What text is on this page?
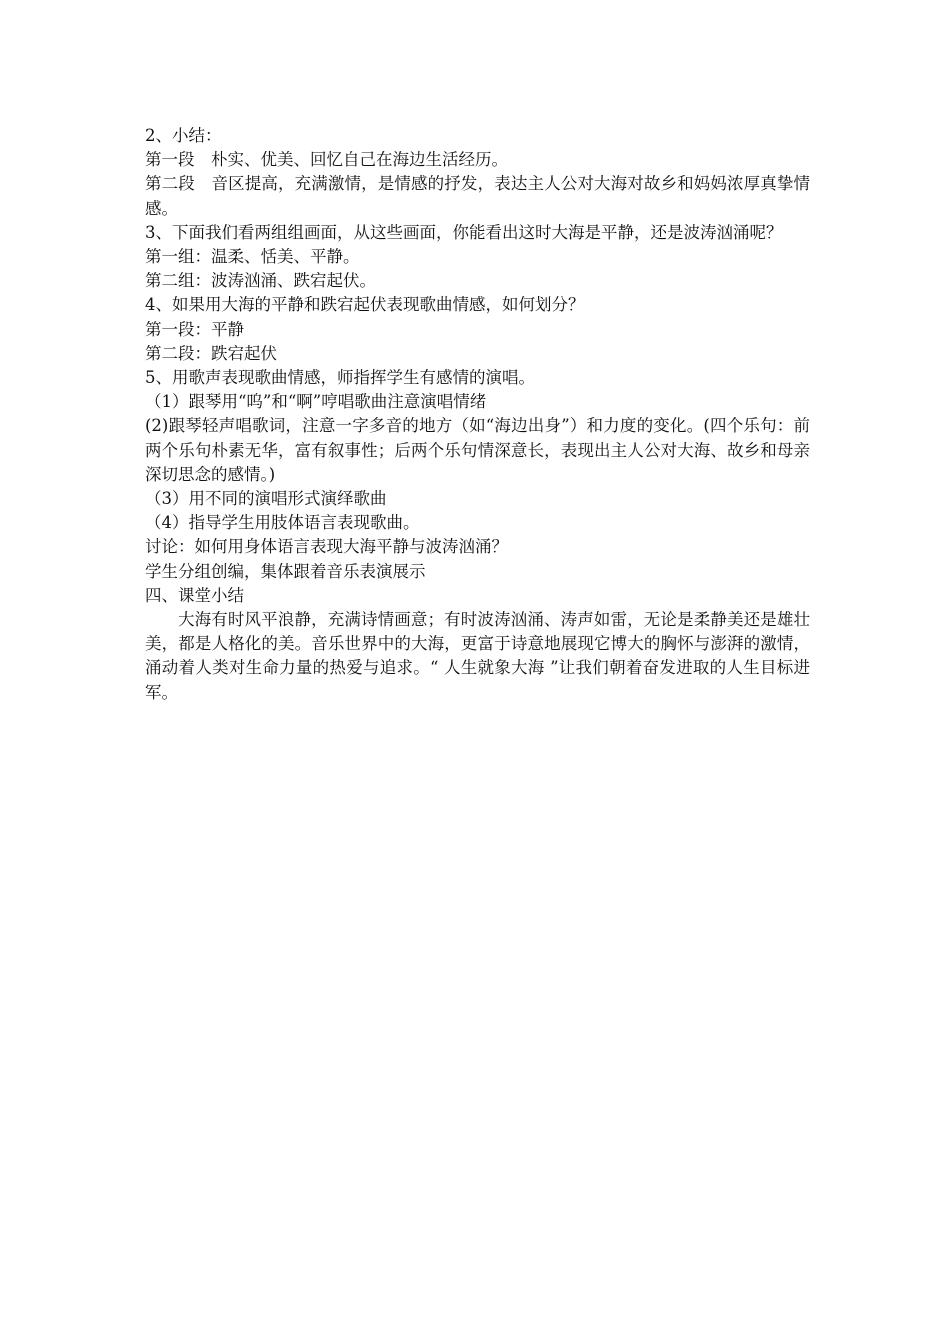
2、小结：

第一段　朴实、优美、回忆自己在海边生活经历。

第二段　音区提高，充满激情，是情感的抒发，表达主人公对大海对故乡和妈妈浓厚真挚情感。

3、下面我们看两组组画面，从这些画面，你能看出这时大海是平静，还是波涛汹涌呢？

第一组：温柔、恬美、平静。

第二组：波涛汹涌、跌宕起伏。

4、如果用大海的平静和跌宕起伏表现歌曲情感，如何划分？

第一段：平静

第二段：跌宕起伏

5、用歌声表现歌曲情感，师指挥学生有感情的演唱。

（1）跟琴用“呜”和“啊”哼唱歌曲注意演唱情绪

(2)跟琴轻声唱歌词，注意一字多音的地方（如“海边出身”）和力度的变化。(四个乐句：前两个乐句朴素无华，富有叙事性；后两个乐句情深意长，表现出主人公对大海、故乡和母亲深切思念的感情。)

（3）用不同的演唱形式演绎歌曲

（4）指导学生用肢体语言表现歌曲。

讨论：如何用身体语言表现大海平静与波涛汹涌？

学生分组创编，集体跟着音乐表演展示

四、课堂小结

大海有时风平浪静，充满诗情画意；有时波涛汹涌、涛声如雷，无论是柔静美还是雄壮美，都是人格化的美。音乐世界中的大海，更富于诗意地展现它博大的胸怀与澎湃的激情，涌动着人类对生命力量的热爱与追求。“ 人生就象大海 ”让我们朝着奋发进取的人生目标进军。
